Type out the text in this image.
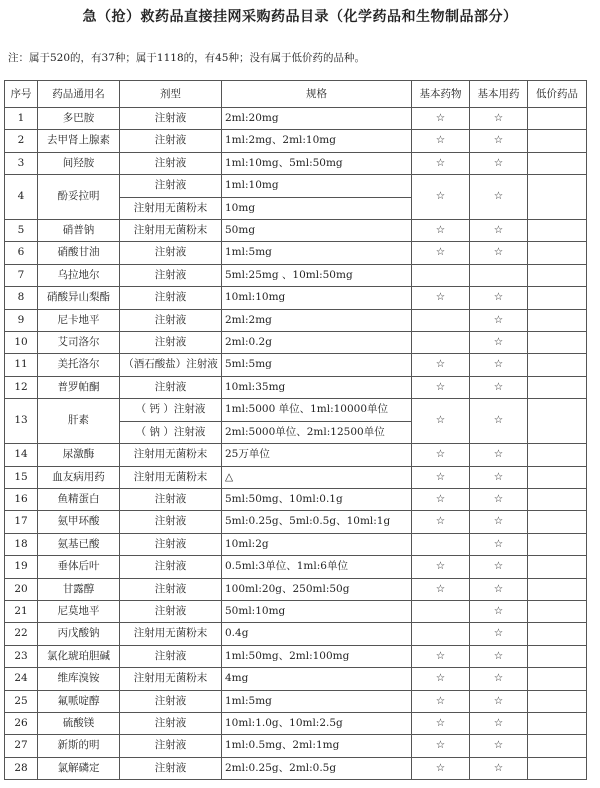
急（抢）救药品直接挂网采购药品目录（化学药品和生物制品部分）
注：属于520的，有37种；属于1118的，有45种；没有属于低价药的品种。
序号	药品通用名	剂型	规格	基本药物	基本用药	低价药品
1	多巴胺	注射液	2ml:20mg	☆	☆	
2	去甲肾上腺素	注射液	1ml:2mg、2ml:10mg	☆	☆	
3	间羟胺	注射液	1ml:10mg、5ml:50mg	☆	☆	
4	酚妥拉明	注射液	1ml:10mg	☆	☆	
		注射用无菌粉末	10mg			
5	硝普钠	注射用无菌粉末	50mg	☆	☆	
6	硝酸甘油	注射液	1ml:5mg	☆	☆	
7	乌拉地尔	注射液	5ml:25mg 、10ml:50mg			
8	硝酸异山梨酯	注射液	10ml:10mg	☆	☆	
9	尼卡地平	注射液	2ml:2mg		☆	
10	艾司洛尔	注射液	2ml:0.2g		☆	
11	美托洛尔	（酒石酸盐）注射液	5ml:5mg	☆	☆	
12	普罗帕酮	注射液	10ml:35mg	☆	☆	
13	肝素	（ 钙 ）注射液	1ml:5000 单位、1ml:10000单位	☆	☆	
		（ 钠 ）注射液	2ml:5000单位、2ml:12500单位			
14	尿激酶	注射用无菌粉末	25万单位	☆	☆	
15	血友病用药	注射用无菌粉末	△	☆	☆	
16	鱼精蛋白	注射液	5ml:50mg、10ml:0.1g	☆	☆	
17	氨甲环酸	注射液	5ml:0.25g、5ml:0.5g、10ml:1g	☆	☆	
18	氨基已酸	注射液	10ml:2g		☆	
19	垂体后叶	注射液	0.5ml:3单位、1ml:6单位	☆	☆	
20	甘露醇	注射液	100ml:20g、250ml:50g	☆	☆	
21	尼莫地平	注射液	50ml:10mg		☆	
22	丙戊酸钠	注射用无菌粉末	0.4g		☆	
23	氯化琥珀胆碱	注射液	1ml:50mg、2ml:100mg	☆	☆	
24	维库溴铵	注射用无菌粉末	4mg	☆	☆	
25	氟哌啶醇	注射液	1ml:5mg	☆	☆	
26	硫酸镁	注射液	10ml:1.0g、10ml:2.5g	☆	☆	
27	新斯的明	注射液	1ml:0.5mg、2ml:1mg	☆	☆	
28	氯解磷定	注射液	2ml:0.25g、2ml:0.5g	☆	☆	
